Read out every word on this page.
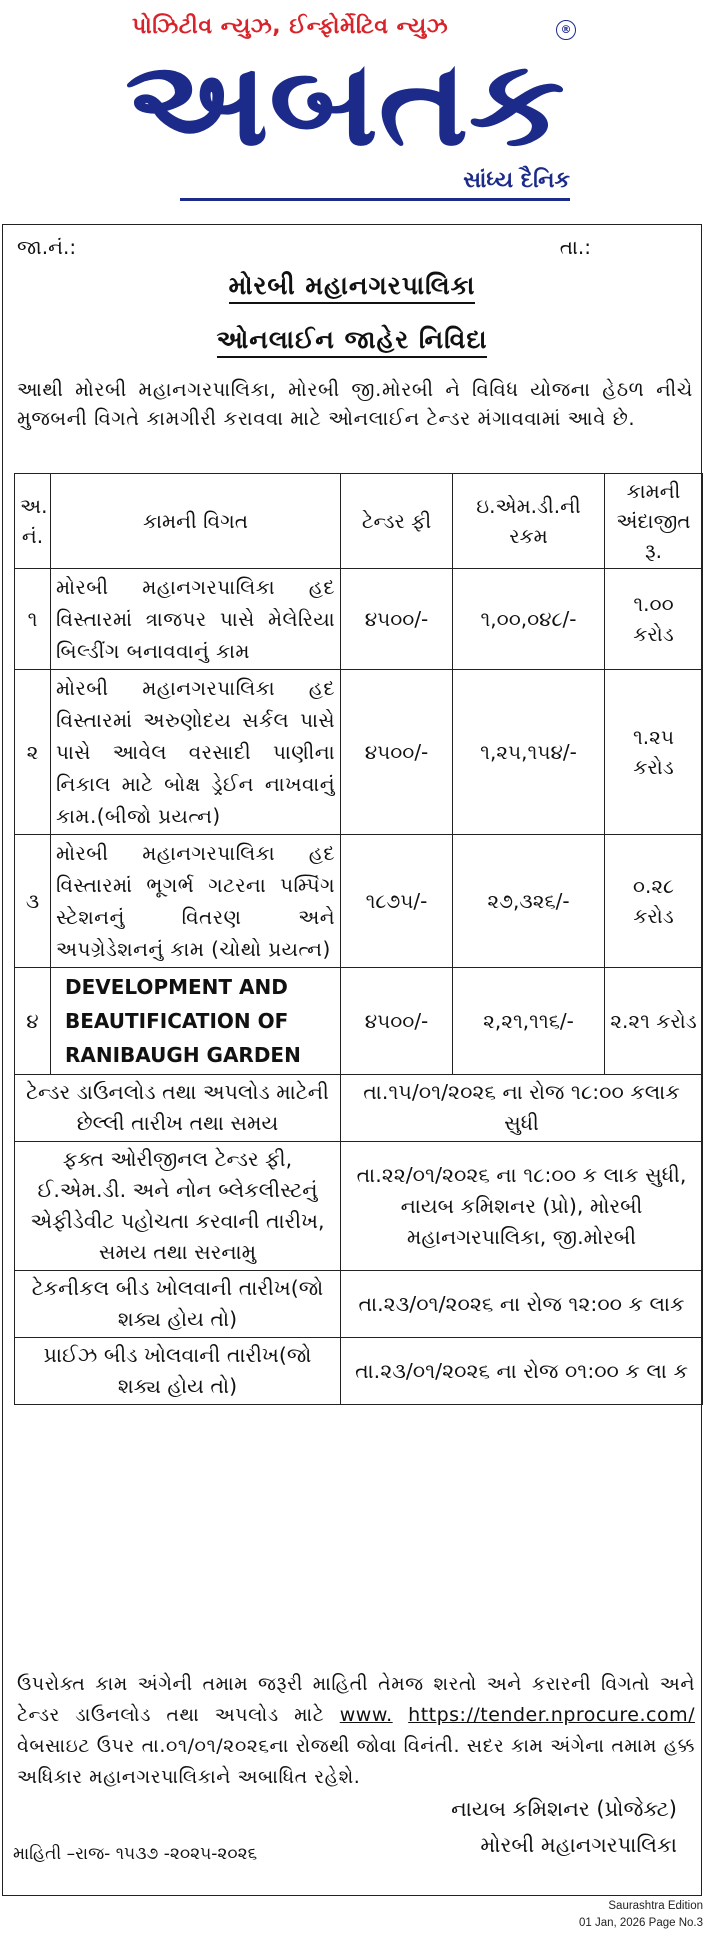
પોઝિટીવ ન્યુઝ, ઈન્ફોર્મેટિવ ન્યુઝ	®
અબતક
સાંધ્ય દૈનિક
જા.નં.:	તા.:
મોરબી મહાનગરપાલિકા
ઓનલાઈન જાહેર નિવિદા
આથી મોરબી મહાનગરપાલિકા, મોરબી જી.મોરબી ને વિવિધ યોજના હેઠળ નીચે મુજબની વિગતે કામગીરી કરાવવા માટે ઓનલાઈન ટેન્ડર મંગાવવામાં આવે છે.
અ. નં.	કામની વિગત	ટેન્ડર ફી	ઇ.એમ.ડી.ની રકમ	કામની અંદાજીત રૂ.
૧	મોરબી મહાનગરપાલિકા હદ વિસ્તારમાં ત્રાજપર પાસે મેલેરિયા બિલ્ડીંગ બનાવવાનું કામ	૪૫૦૦/-	૧,૦૦,૦૪૮/-	૧.૦૦ કરોડ
૨	મોરબી મહાનગરપાલિકા હદ વિસ્તારમાં અરુણોદય સર્કલ પાસે પાસે આવેલ વરસાદી પાણીના નિકાલ માટે બોક્ષ ડ્રેઈન નાખવાનું કામ.(બીજો પ્રયત્ન)	૪૫૦૦/-	૧,૨૫,૧૫૪/-	૧.૨૫ કરોડ
૩	મોરબી મહાનગરપાલિકા હદ વિસ્તારમાં ભૂગર્ભ ગટરના પમ્પિંગ સ્ટેશનનું વિતરણ અને અપગ્રેડેશનનું કામ (ચોથો પ્રયત્ન)	૧૮૭૫/-	૨૭,૩૨૬/-	૦.૨૮ કરોડ
૪	DEVELOPMENT AND BEAUTIFICATION OF RANIBAUGH GARDEN	૪૫૦૦/-	૨,૨૧,૧૧૬/-	૨.૨૧ કરોડ
ટેન્ડર ડાઉનલોડ તથા અપલોડ માટેની છેલ્લી તારીખ તથા સમય		તા.૧૫/૦૧/૨૦૨૬ ના રોજ ૧૮:૦૦ કલાક સુધી		
ફક્ત ઓરીજીનલ ટેન્ડર ફી, ઈ.એમ.ડી. અને નોન બ્લેકલીસ્ટનું એફીડેવીટ પહોચતા કરવાની તારીખ, સમય તથા સરનામુ		તા.૨૨/૦૧/૨૦૨૬ ના ૧૮:૦૦ ક લાક સુધી, નાયબ કમિશનર (પ્રો), મોરબી મહાનગરપાલિકા, જી.મોરબી		
ટેકનીકલ બીડ ખોલવાની તારીખ(જો શક્ય હોય તો)		તા.૨૩/૦૧/૨૦૨૬ ના રોજ ૧૨:૦૦ ક લાક		
પ્રાઈઝ બીડ ખોલવાની તારીખ(જો શક્ય હોય તો)		તા.૨૩/૦૧/૨૦૨૬ ના રોજ ૦૧:૦૦ ક લા ક		
ઉપરોક્ત કામ અંગેની તમામ જરૂરી માહિતી તેમજ શરતો અને કરારની વિગતો અને ટેન્ડર ડાઉનલોડ તથા અપલોડ માટે www. https://tender.nprocure.com/ વેબસાઇટ ઉપર તા.૦૧/૦૧/૨૦૨૬ના રોજથી જોવા વિનંતી. સદર કામ અંગેના તમામ હક્ક અધિકાર મહાનગરપાલિકાને અબાધિત રહેશે.
નાયબ કમિશનર (પ્રોજેક્ટ)
મોરબી મહાનગરપાલિકા
માહિતી –રાજ- ૧૫૩૭ -૨૦૨૫-૨૦૨૬
Saurashtra Edition
01 Jan, 2026 Page No.3
